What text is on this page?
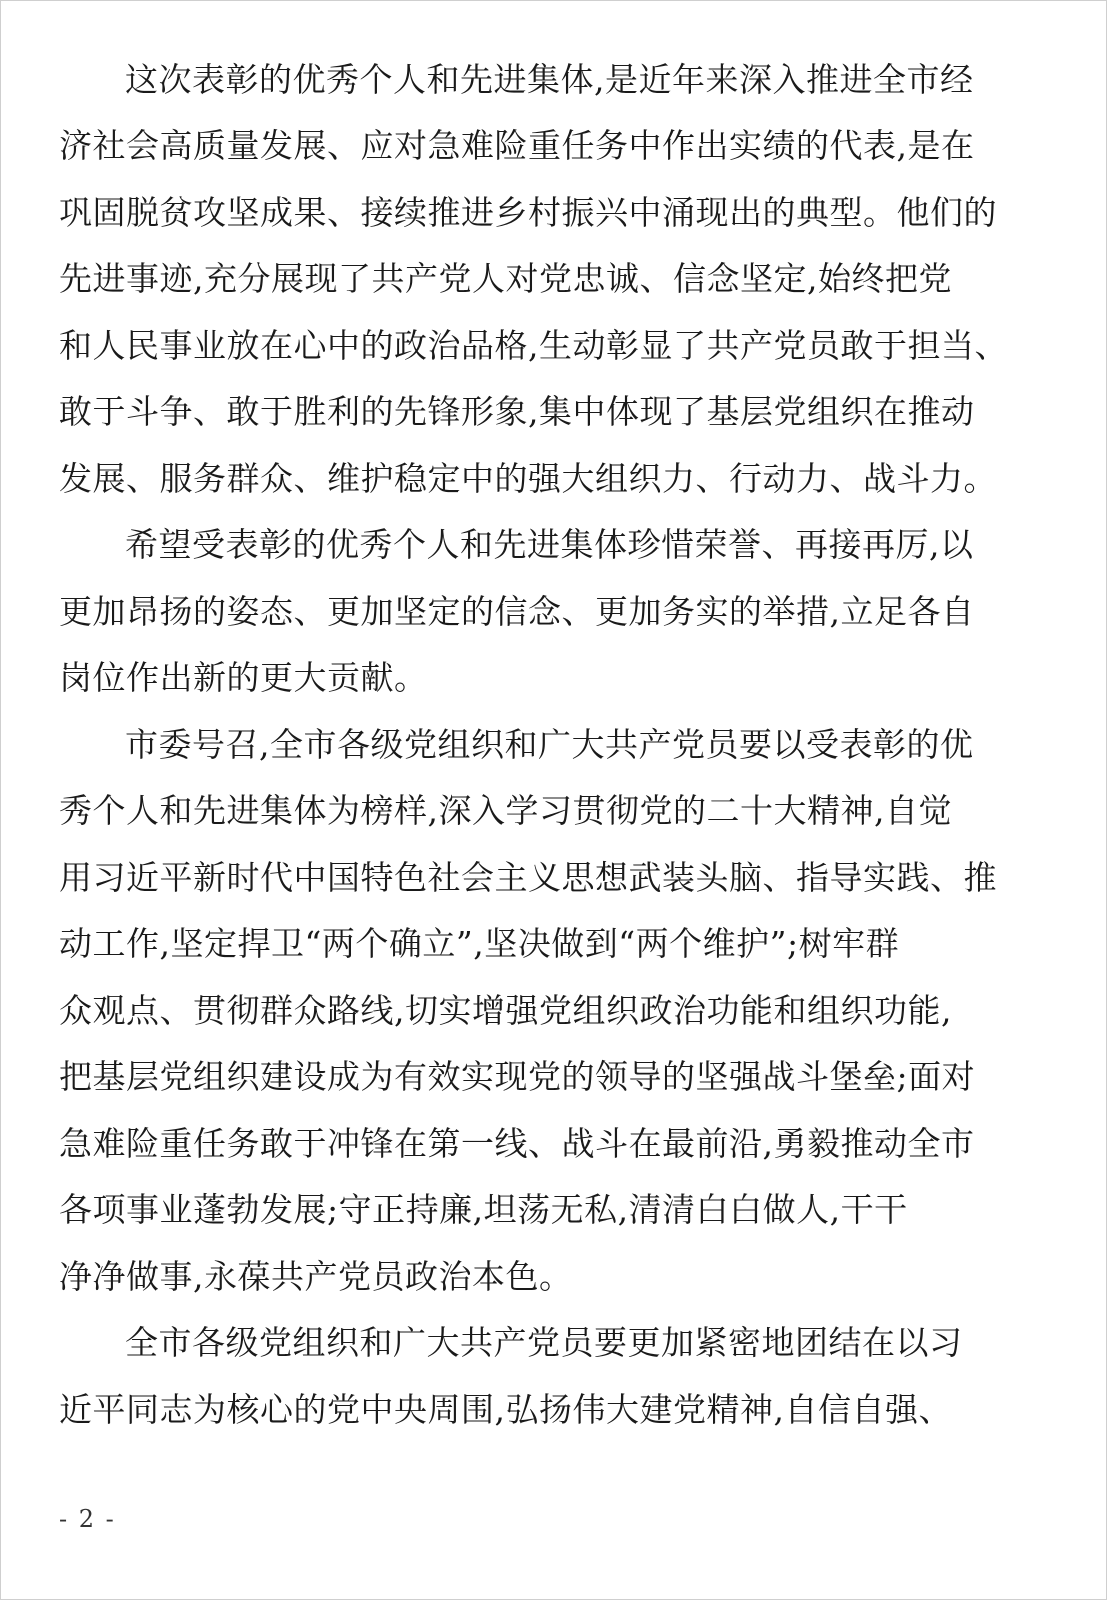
这次表彰的优秀个人和先进集体,是近年来深入推进全市经

济社会高质量发展、应对急难险重任务中作出实绩的代表,是在

巩固脱贫攻坚成果、接续推进乡村振兴中涌现出的典型。他们的

先进事迹,充分展现了共产党人对党忠诚、信念坚定,始终把党

和人民事业放在心中的政治品格,生动彰显了共产党员敢于担当、

敢于斗争、敢于胜利的先锋形象,集中体现了基层党组织在推动

发展、服务群众、维护稳定中的强大组织力、行动力、战斗力。

希望受表彰的优秀个人和先进集体珍惜荣誉、再接再厉,以

更加昂扬的姿态、更加坚定的信念、更加务实的举措,立足各自

岗位作出新的更大贡献。

市委号召,全市各级党组织和广大共产党员要以受表彰的优

秀个人和先进集体为榜样,深入学习贯彻党的二十大精神,自觉

用习近平新时代中国特色社会主义思想武装头脑、指导实践、推

动工作,坚定捍卫“两个确立”,坚决做到“两个维护”;树牢群

众观点、贯彻群众路线,切实增强党组织政治功能和组织功能,

把基层党组织建设成为有效实现党的领导的坚强战斗堡垒;面对

急难险重任务敢于冲锋在第一线、战斗在最前沿,勇毅推动全市

各项事业蓬勃发展;守正持廉,坦荡无私,清清白白做人,干干

净净做事,永葆共产党员政治本色。

全市各级党组织和广大共产党员要更加紧密地团结在以习

近平同志为核心的党中央周围,弘扬伟大建党精神,自信自强、

- 2 -
